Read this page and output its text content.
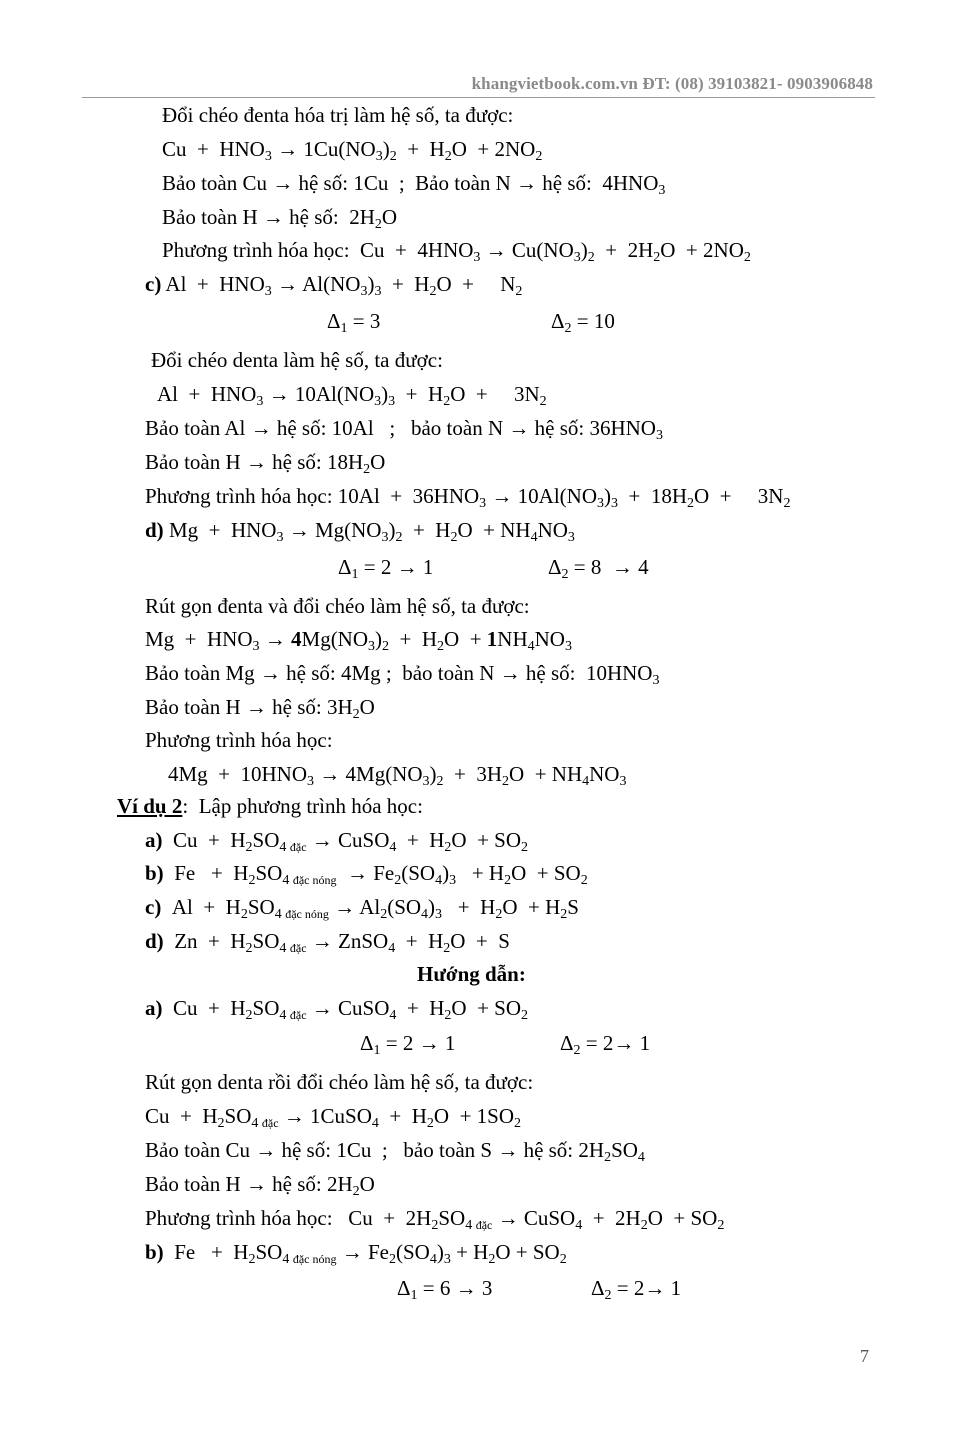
khangvietbook.com.vn ĐT: (08) 39103821- 0903906848
Đổi chéo đenta hóa trị làm hệ số, ta được:
$Cu + HNO_3 \to 1Cu(NO_3)_2 + H_2O + 2NO_2$
Bảo toàn Cu → hệ số: 1Cu  ;  Bảo toàn N → hệ số:  $4HNO_3$
Bảo toàn H → hệ số:  $2H_2O$
Phương trình hóa học:  $Cu + 4HNO_3 \to Cu(NO_3)_2 + 2H_2O + 2NO_2$
c) $Al + HNO_3 \to Al(NO_3)_3 + H_2O$  +     $N_2$
$\Delta_1 = 3$	$\Delta_2 = 10$
Đổi chéo denta làm hệ số, ta được:
$Al + HNO_3 \to 10Al(NO_3)_3 + H_2O$  +     $3N_2$
Bảo toàn Al → hệ số: 10Al   ;   bảo toàn N → hệ số: $36HNO_3$
Bảo toàn H → hệ số: $18H_2O$
Phương trình hóa học: $10Al + 36HNO_3 \to 10Al(NO_3)_3 + 18H_2O$  +     $3N_2$
d) $Mg + HNO_3 \to Mg(NO_3)_2 + H_2O + NH_4NO_3$
$\Delta_1 = 2 \to 1$	$\Delta_2 = 8 \to 4$
Rút gọn đenta và đổi chéo làm hệ số, ta được:
$Mg + HNO_3 \to 4Mg(NO_3)_2 + H_2O + 1NH_4NO_3$
Bảo toàn Mg → hệ số: 4Mg ;  bảo toàn N → hệ số:  $10HNO_3$
Bảo toàn H → hệ số: $3H_2O$
Phương trình hóa học:
$4Mg + 10HNO_3 \to 4Mg(NO_3)_2 + 3H_2O + NH_4NO_3$
Ví dụ 2:  Lập phương trình hóa học:
a)  $Cu + H_2SO_{4 đặc}$ → CuSO$_4$  +  $H_2O + SO_2$
b)  $Fe + H_2SO_{4 đặc nóng} \to Fe_2(SO_4)_3 + H_2O + SO_2$
c)  $Al + H_2SO_{4 đặc nóng} \to Al_2(SO_4)_3 + H_2O + H_2S$
d)  $Zn + H_2SO_{4 đặc}$ → ZnSO$_4$  +  $H_2O + S$
Hướng dẫn:
a)  $Cu + H_2SO_{4 đặc}$ → CuSO$_4$  +  $H_2O + SO_2$
$\Delta_1 = 2 \to 1$	$\Delta_2 = 2\to 1$
Rút gọn denta rồi đổi chéo làm hệ số, ta được:
$Cu + H_2SO_{4 đặc}$ → 1CuSO$_4$  +  $H_2O + 1SO_2$
Bảo toàn Cu → hệ số: 1Cu  ;   bảo toàn S → hệ số: $2H_2SO_4$
Bảo toàn H → hệ số: $2H_2O$
Phương trình hóa học:   $Cu + 2H_2SO_{4 đặc}$ → CuSO$_4$  +  $2H_2O + SO_2$
b)  $Fe + H_2SO_{4 đặc nóng} \to Fe_2(SO_4)_3 + H_2O + SO_2$
$\Delta_1 = 6 \to 3$	$\Delta_2 = 2\to 1$
7
